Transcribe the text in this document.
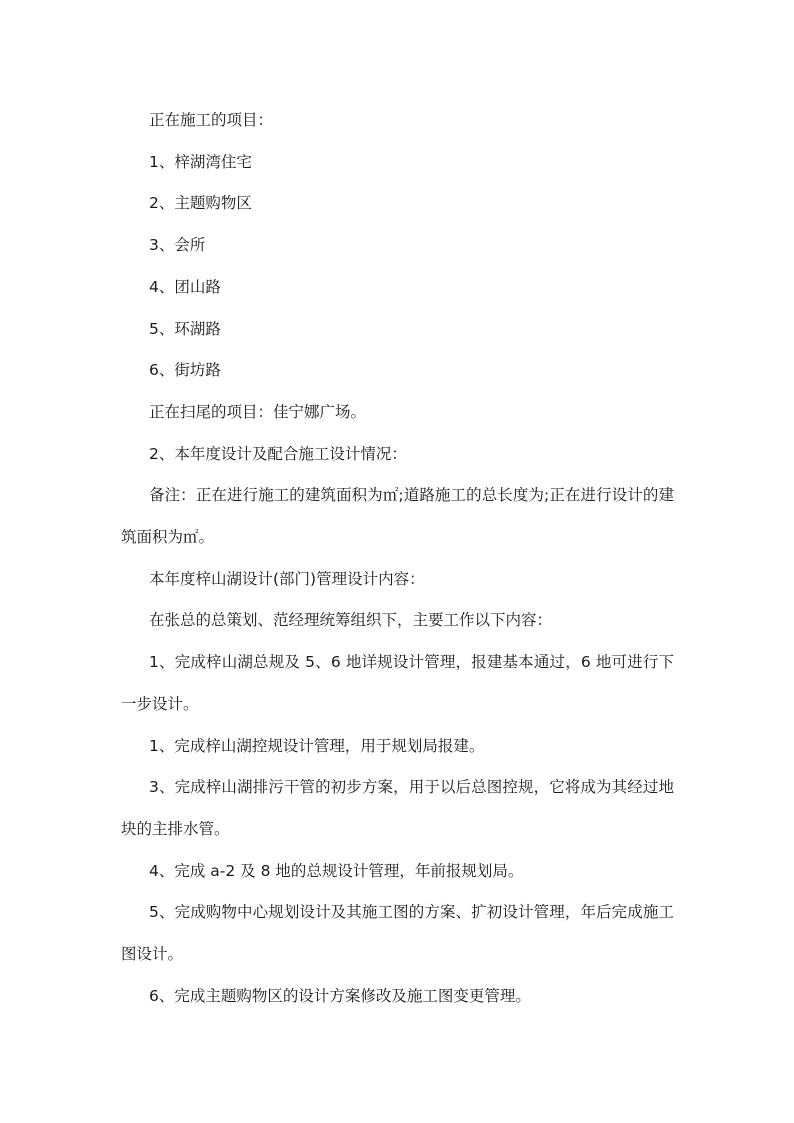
正在施工的项目：

1、梓湖湾住宅

2、主题购物区

3、会所

4、团山路

5、环湖路

6、街坊路

正在扫尾的项目：佳宁娜广场。

2、本年度设计及配合施工设计情况：

备注：正在进行施工的建筑面积为㎡;道路施工的总长度为;正在进行设计的建筑面积为㎡。

本年度梓山湖设计(部门)管理设计内容：

在张总的总策划、范经理统筹组织下，主要工作以下内容：

1、完成梓山湖总规及 5、6 地详规设计管理，报建基本通过，6 地可进行下一步设计。

1、完成梓山湖控规设计管理，用于规划局报建。

3、完成梓山湖排污干管的初步方案，用于以后总图控规，它将成为其经过地块的主排水管。

4、完成 a-2 及 8 地的总规设计管理，年前报规划局。

5、完成购物中心规划设计及其施工图的方案、扩初设计管理，年后完成施工图设计。

6、完成主题购物区的设计方案修改及施工图变更管理。
